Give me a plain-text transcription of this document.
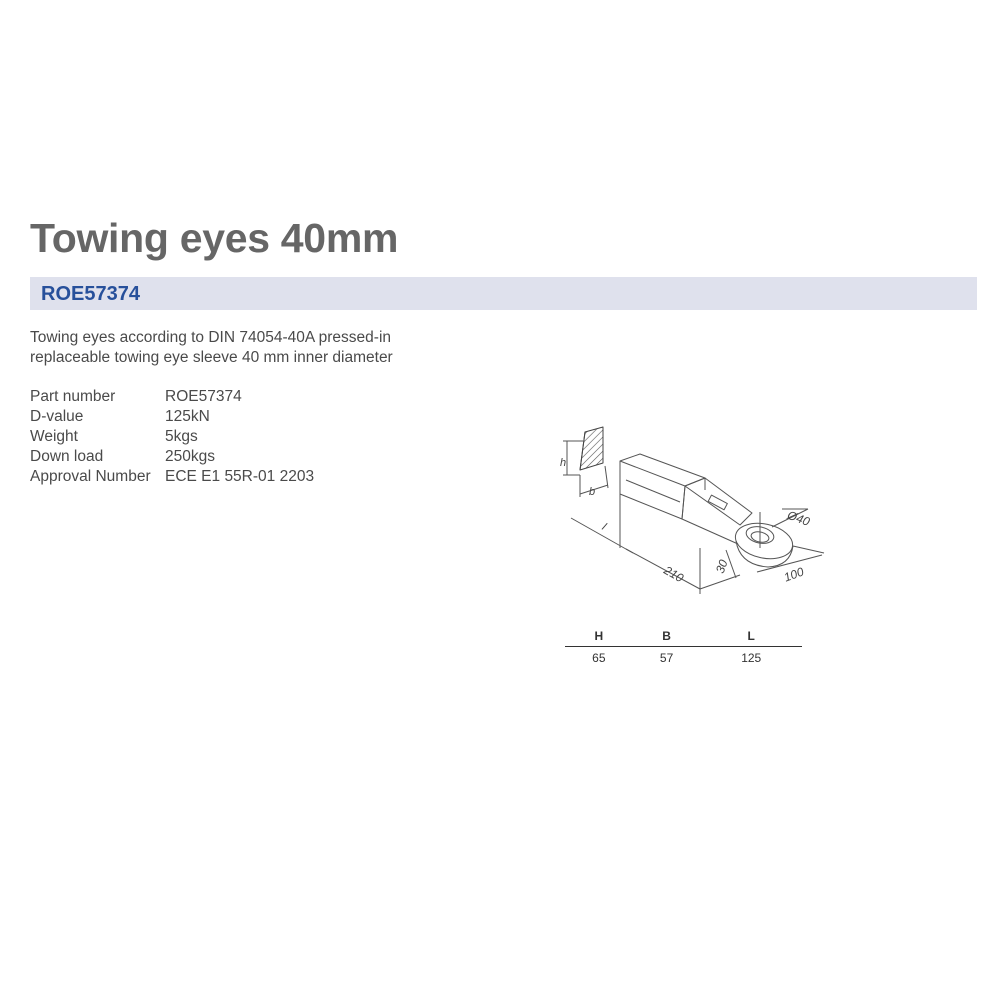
Towing eyes 40mm
ROE57374

Towing eyes according to DIN 74054-40A pressed-in replaceable towing eye sleeve 40 mm inner diameter

Part number	ROE57374
D-value	125kN
Weight	5kgs
Down load	250kgs
Approval Number	ECE E1 55R-01 2203
h
b
l
210 30	100
Ø40
H	B	L
65	57	125
